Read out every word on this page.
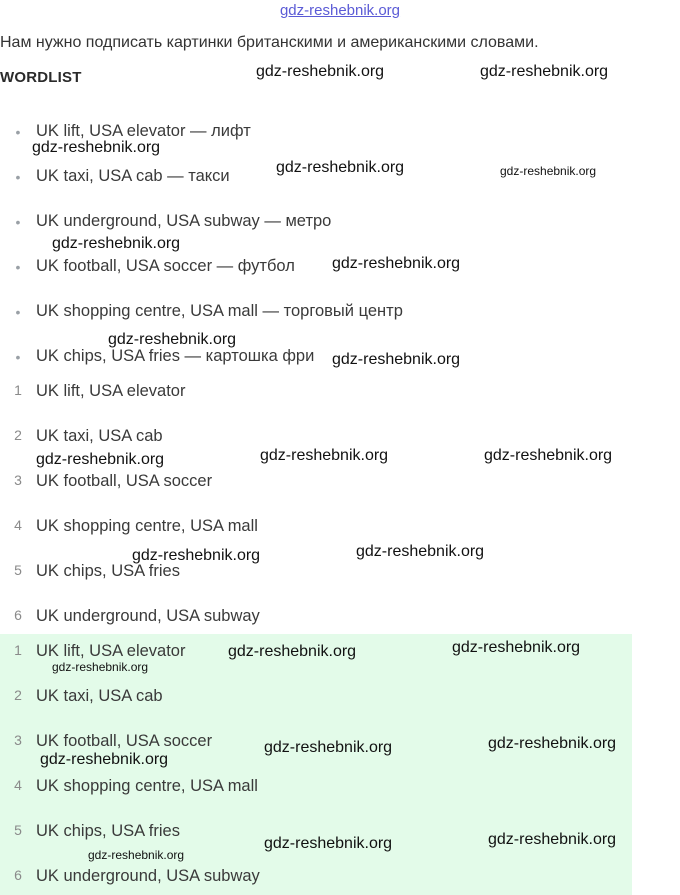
gdz-reshebnik.org
Нам нужно подписать картинки британскими и американскими словами.
WORDLIST
• UK lift, USA elevator — лифт
• UK taxi, USA cab — такси
• UK underground, USA subway — метро
• UK football, USA soccer — футбол
• UK shopping centre, USA mall — торговый центр
• UK chips, USA fries — картошка фри
1 UK lift, USA elevator
2 UK taxi, USA cab
3 UK football, USA soccer
4 UK shopping centre, USA mall
5 UK chips, USA fries
6 UK underground, USA subway
1 UK lift, USA elevator
2 UK taxi, USA cab
3 UK football, USA soccer
4 UK shopping centre, USA mall
5 UK chips, USA fries
6 UK underground, USA subway
gdz-reshebnik.org	gdz-reshebnik.org
gdz-reshebnik.org
gdz-reshebnik.org	gdz-reshebnik.org
gdz-reshebnik.org
gdz-reshebnik.org
gdz-reshebnik.org
gdz-reshebnik.org
gdz-reshebnik.org	gdz-reshebnik.org	gdz-reshebnik.org
gdz-reshebnik.org	gdz-reshebnik.org
gdz-reshebnik.org	gdz-reshebnik.org
gdz-reshebnik.org
gdz-reshebnik.org	gdz-reshebnik.org
gdz-reshebnik.org
gdz-reshebnik.org	gdz-reshebnik.org
gdz-reshebnik.org
